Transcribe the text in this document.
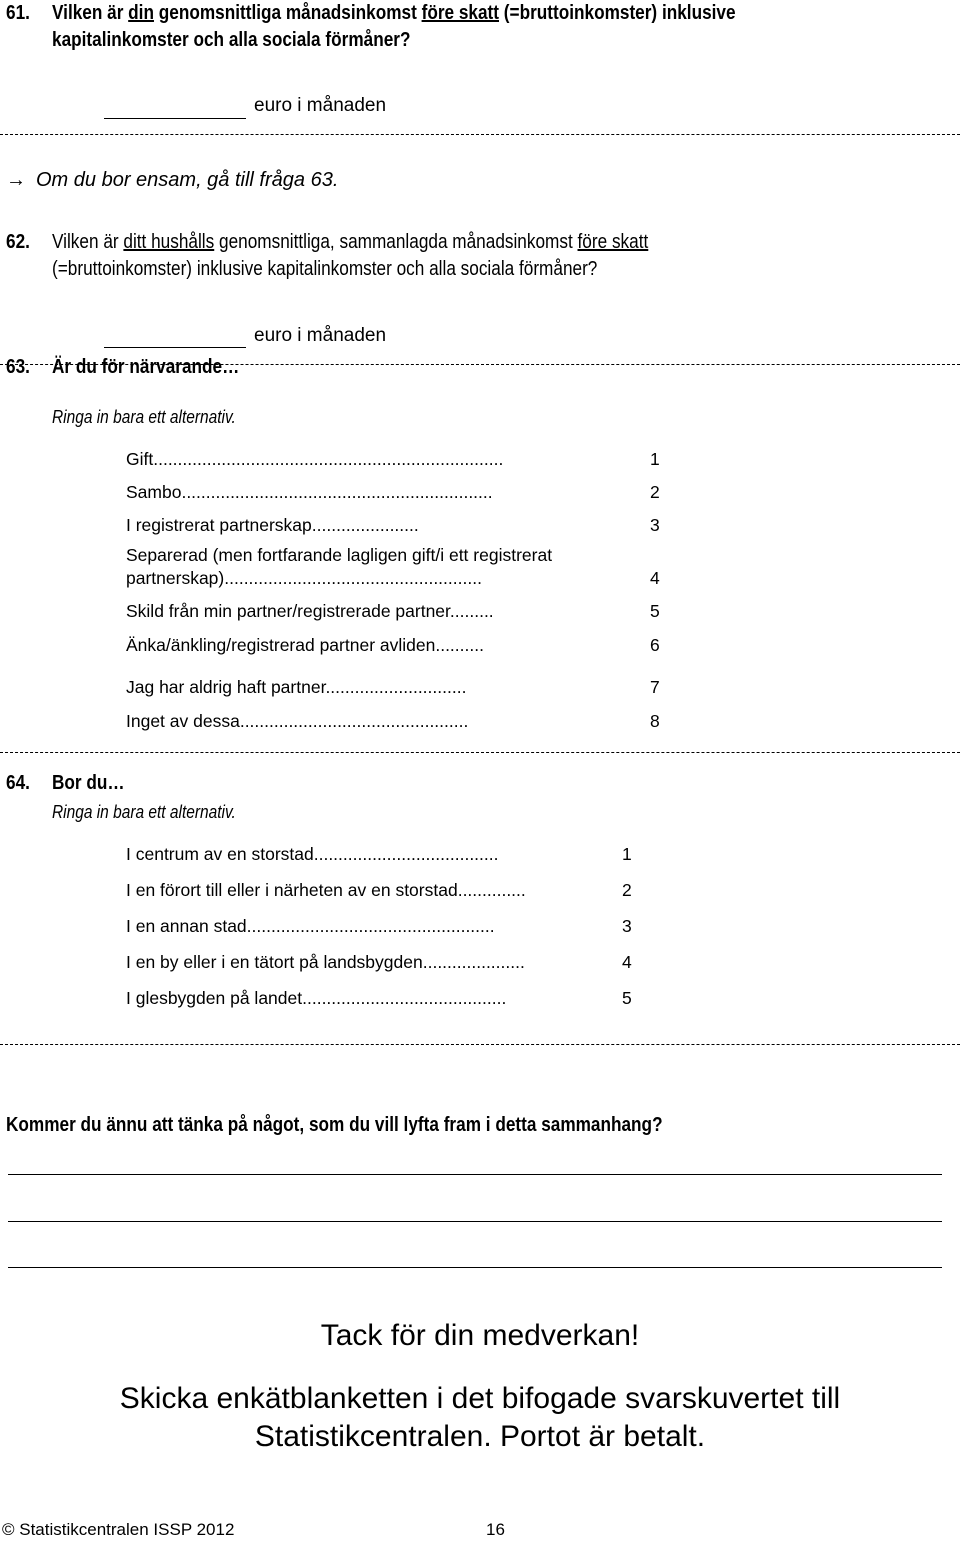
61. Vilken är din genomsnittliga månadsinkomst före skatt (=bruttoinkomster) inklusive
kapitalinkomster och alla sociala förmåner?
euro i månaden
→ Om du bor ensam, gå till fråga 63.
62. Vilken är ditt hushålls genomsnittliga, sammanlagda månadsinkomst före skatt
(=bruttoinkomster) inklusive kapitalinkomster och alla sociala förmåner?
euro i månaden
63. Är du för närvarande…
Ringa in bara ett alternativ.
Gift........................................................................	1
Sambo................................................................	2
I registrerat partnerskap......................	3
Separerad (men fortfarande lagligen gift/i ett registrerat
partnerskap).....................................................	4
Skild från min partner/registrerade partner.........	5
Änka/änkling/registrerad partner avliden..........	6
Jag har aldrig haft partner.............................	7
Inget av dessa...............................................	8
64. Bor du…
Ringa in bara ett alternativ.
I centrum av en storstad......................................	1
I en förort till eller i närheten av en storstad..............	2
I en annan stad...................................................	3
I en by eller i en tätort på landsbygden.....................	4
I glesbygden på landet..........................................	5
Kommer du ännu att tänka på något, som du vill lyfta fram i detta sammanhang?
Tack för din medverkan!
Skicka enkätblanketten i det bifogade svarskuvertet till
Statistikcentralen. Portot är betalt.
© Statistikcentralen ISSP 2012	16
